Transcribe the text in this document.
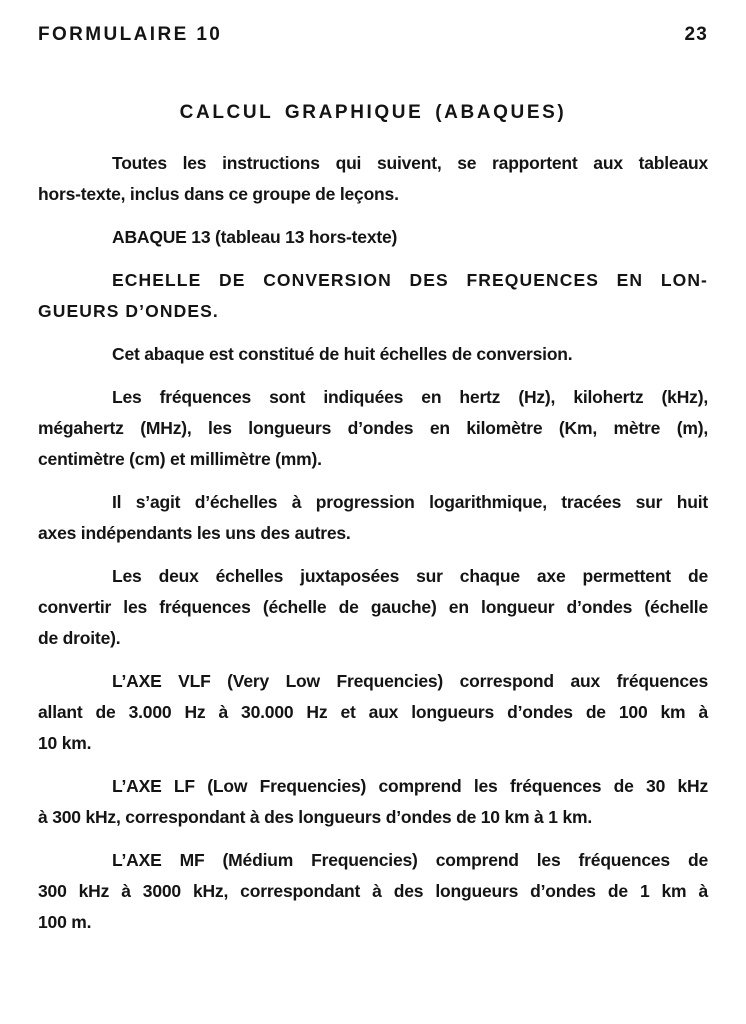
FORMULAIRE 10	23
CALCUL GRAPHIQUE (ABAQUES)
Toutes les instructions qui suivent, se rapportent aux tableaux
hors-texte, inclus dans ce groupe de leçons.
ABAQUE 13 (tableau 13 hors-texte)
ECHELLE DE CONVERSION DES FREQUENCES EN LON-
GUEURS D’ONDES.
Cet abaque est constitué de huit échelles de conversion.
Les fréquences sont indiquées en hertz (Hz), kilohertz (kHz),
mégahertz (MHz), les longueurs d’ondes en kilomètre (Km, mètre (m),
centimètre (cm) et millimètre (mm).
Il s’agit d’échelles à progression logarithmique, tracées sur huit
axes indépendants les uns des autres.
Les deux échelles juxtaposées sur chaque axe permettent de
convertir les fréquences (échelle de gauche) en longueur d’ondes (échelle
de droite).
L’AXE VLF (Very Low Frequencies) correspond aux fréquences
allant de 3.000 Hz à 30.000 Hz et aux longueurs d’ondes de 100 km à
10 km.
L’AXE LF (Low Frequencies) comprend les fréquences de 30 kHz
à 300 kHz, correspondant à des longueurs d’ondes de 10 km à 1 km.
L’AXE MF (Médium Frequencies) comprend les fréquences de
300 kHz à 3000 kHz, correspondant à des longueurs d’ondes de 1 km à
100 m.
